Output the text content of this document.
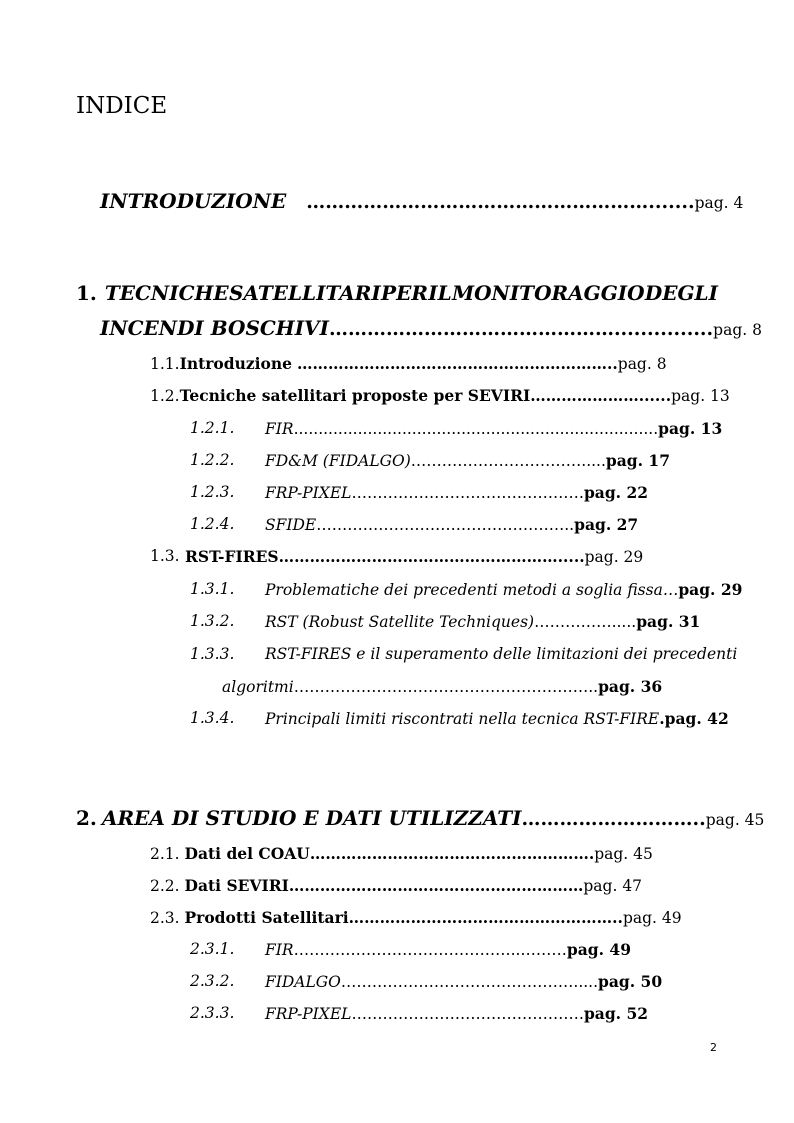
INDICE
INTRODUZIONE ……………………………………………….......pag. 4
1. TECNICHE SATELLITARI PER IL MONITORAGGIO DEGLI
INCENDI BOSCHIVI………………………………………...............pag. 8
1.1.Introduzione ……………………………………………………..pag. 8
1.2.Tecniche satellitari proposte per SEVIRI…………………......pag. 13
1.2.1. FIR..........................................................................pag. 13
1.2.2. FD&M (FIDALGO)…………………………….....pag. 17
1.2.3. FRP-PIXEL………………………………………pag. 22
1.2.4. SFIDE…………………………………………..pag. 27
1.3. RST-FIRES……………………………………………….....pag. 29
1.3.1. Problematiche dei precedenti metodi a soglia fissa…pag. 29
1.3.2. RST (Robust Satellite Techniques)…………….....pag. 31
1.3.3. RST-FIRES e il superamento delle limitazioni dei precedenti
algoritmi…………………………………………………..pag. 36
1.3.4. Principali limiti riscontrati nella tecnica RST-FIRE.pag. 42
2. AREA DI STUDIO E DATI UTILIZZATI………………………..pag. 45
2.1. Dati del COAU……………………………………………….pag. 45
2.2. Dati SEVIRI…………………………………………………pag. 47
2.3. Prodotti Satellitari……………………………………………..pag. 49
2.3.1. FIR……………………………………..………pag. 49
2.3.2. FIDALGO……………………………………….....pag. 50
2.3.3. FRP-PIXEL………………………………………pag. 52
2
